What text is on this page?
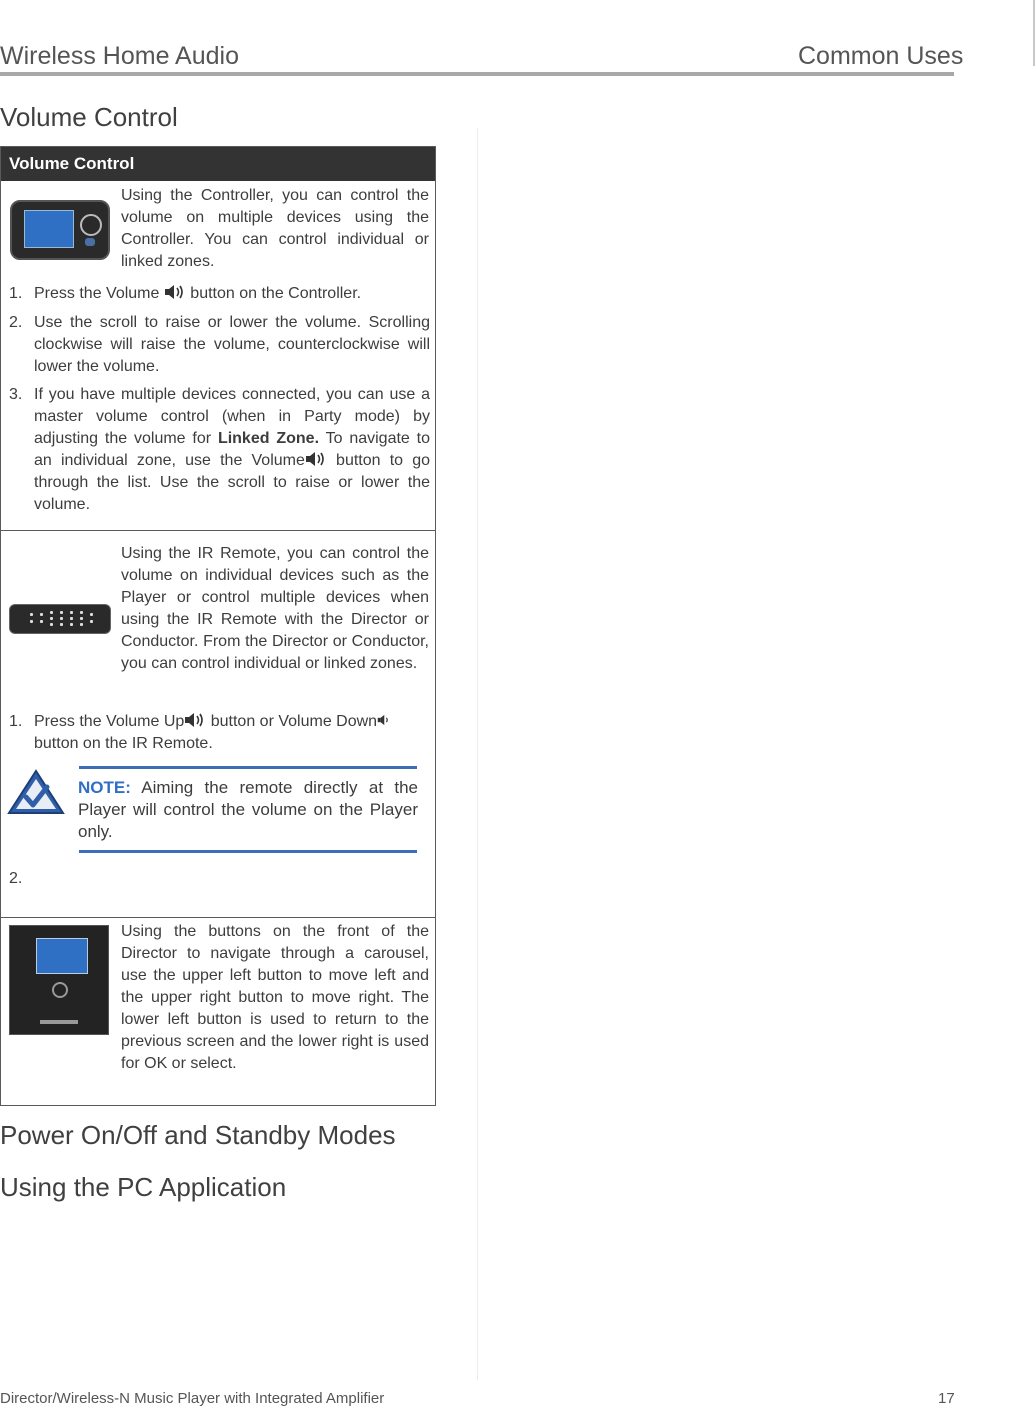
Wireless Home Audio	Common Uses
Volume Control
Volume Control
Using the Controller, you can control the volume on multiple devices using the Controller. You can control individual or linked zones.
1. Press the Volume  button on the Controller.
2. Use the scroll to raise or lower the volume. Scrolling clockwise will raise the volume, counterclockwise will lower the volume.
3. If you have multiple devices connected, you can use a master volume control (when in Party mode) by adjusting the volume for Linked Zone. To navigate to an individual zone, use the Volume button to go through the list. Use the scroll to raise or lower the volume.
Using the IR Remote, you can control the volume on individual devices such as the Player or control multiple devices when using the IR Remote with the Director or Conductor. From the Director or Conductor, you can control individual or linked zones.
1. Press the Volume Up button or Volume Down button on the IR Remote.
NOTE: Aiming the remote directly at the Player will control the volume on the Player only.
2.
Using the buttons on the front of the Director to navigate through a carousel, use the upper left button to move left and the upper right button to move right. The lower left button is used to return to the previous screen and the lower right is used for OK or select.
Power On/Off and Standby Modes
Using the PC Application
Director/Wireless-N Music Player with Integrated Amplifier	17
